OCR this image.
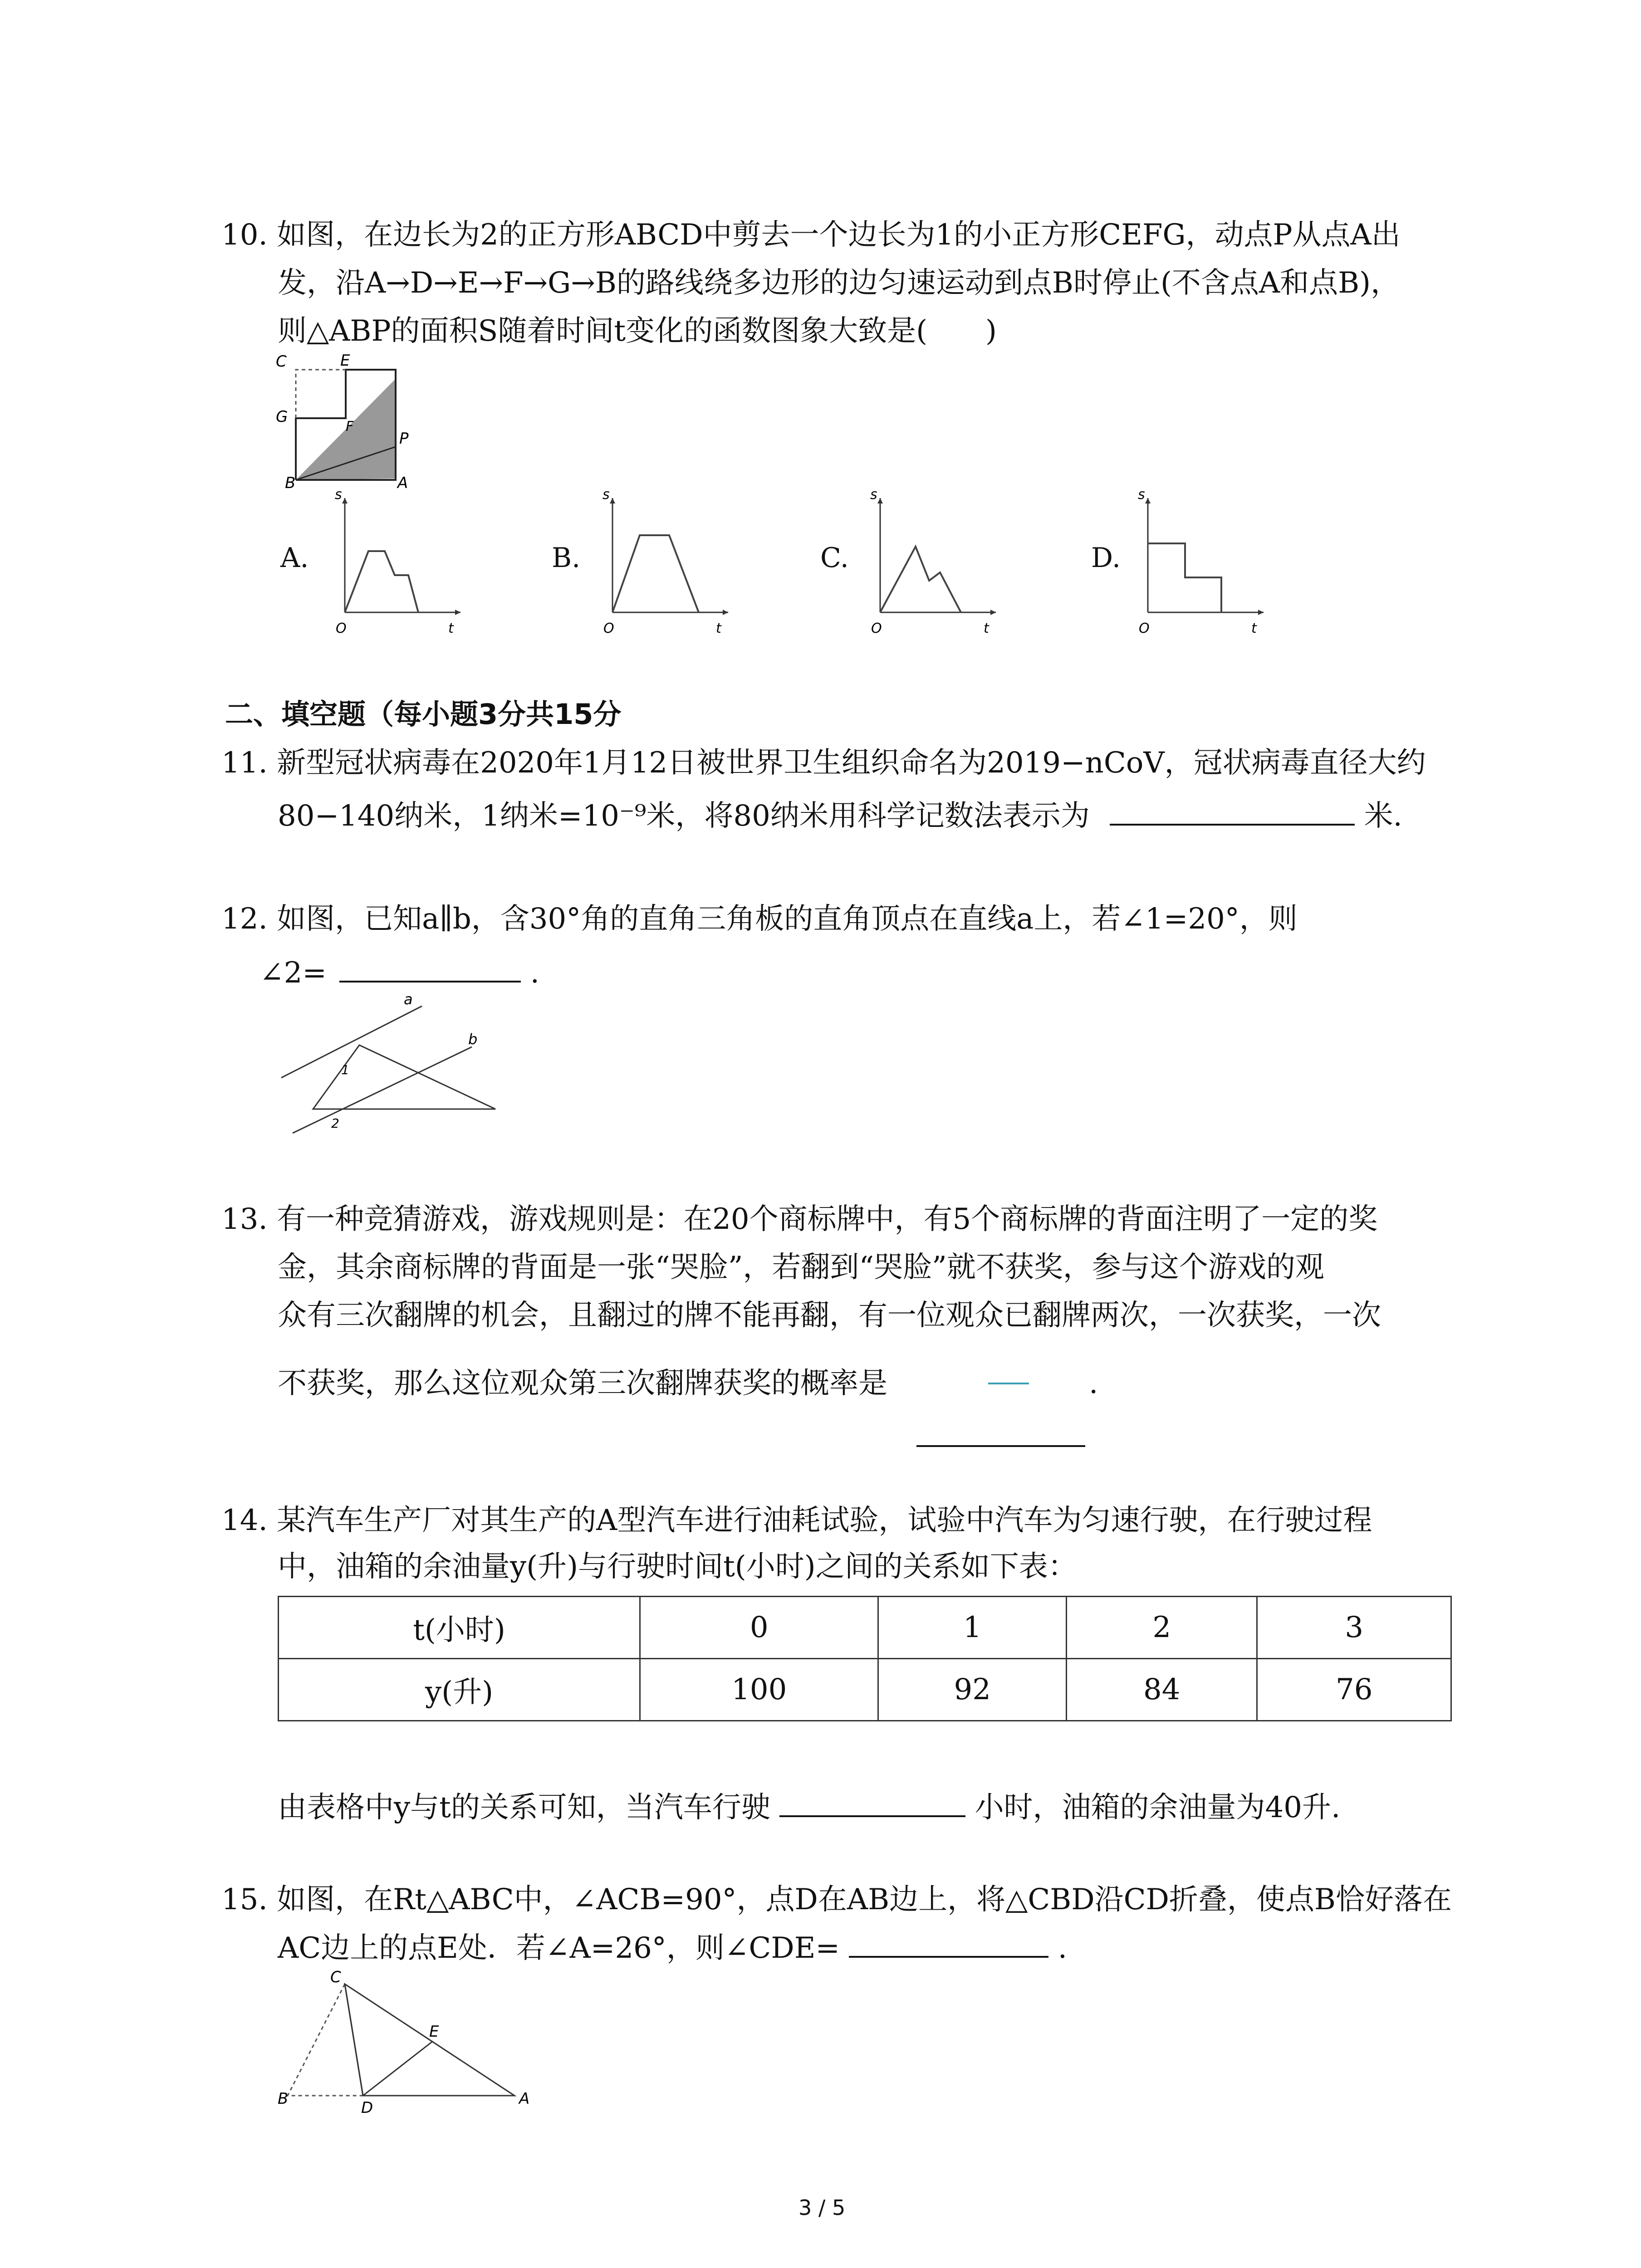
10. 如图，在边长为2的正方形ABCD中剪去一个边长为1的小正方形CEFG，动点P从点A出
发，沿A→D→E→F→G→B的路线绕多边形的边匀速运动到点B时停止(不含点A和点B)，
则△ABP的面积S随着时间t变化的函数图象大致是(　　)
C	E
G
F
P
B	A
A.
s
t
O
B.
s
t
O
C.
s
t
O
D.
s
t
O
二、填空题（每小题3分共15分
11. 新型冠状病毒在2020年1月12日被世界卫生组织命名为2019−nCoV，冠状病毒直径大约
80−140纳米，1纳米=10⁻⁹米，将80纳米用科学记数法表示为	米.
12. 如图，已知a∥b，含30°角的直角三角板的直角顶点在直线a上，若∠1=20°，则
∠2=	.
a
b
1
2
13. 有一种竞猜游戏，游戏规则是：在20个商标牌中，有5个商标牌的背面注明了一定的奖
金，其余商标牌的背面是一张“哭脸”，若翻到“哭脸”就不获奖，参与这个游戏的观
众有三次翻牌的机会，且翻过的牌不能再翻，有一位观众已翻牌两次，一次获奖，一次
不获奖，那么这位观众第三次翻牌获奖的概率是	.
14. 某汽车生产厂对其生产的A型汽车进行油耗试验，试验中汽车为匀速行驶，在行驶过程
中，油箱的余油量y(升)与行驶时间t(小时)之间的关系如下表：
t(小时)	0	1	2	3
y(升)	100	92	84	76
由表格中y与t的关系可知，当汽车行驶	小时，油箱的余油量为40升.
15. 如图，在Rt△ABC中，∠ACB=90°，点D在AB边上，将△CBD沿CD折叠，使点B恰好落在
AC边上的点E处．若∠A=26°，则∠CDE=	.
C
E
B	D	A
3 / 5
